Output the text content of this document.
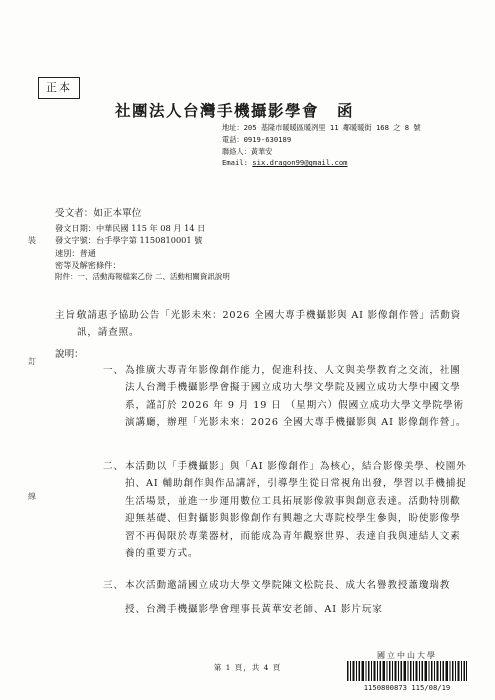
正本
社團法人台灣手機攝影學會 函
地址：205 基隆市暖暖區暖冽里 11 鄰暖暖街 168 之 8 號
電話：0919-630189
聯絡人：黃華安
Email: six.dragon99@gmail.com
受文者：如正本單位
發文日期：中華民國 115 年 08 月 14 日
發文字號：台手學字第 1150810001 號
速別：普通
密等及解密條件：
附件：一、活動海報檔案乙份 二、活動相關資訊說明
裝
訂
線
主旨：
敬請惠予協助公告「光影未來：2026 全國大專手機攝影與 AI 影像創作營」活動資訊，請查照。
說明：
一、 為推廣大專青年影像創作能力，促進科技、人文與美學教育之交流，社團法人台灣手機攝影學會擬于國立成功大學文學院及國立成功大學中國文學系，謹訂於 2026 年 9 月 19 日 （星期六）假國立成功大學文學院學術演講廳，辦理「光影未來：2026 全國大專手機攝影與 AI 影像創作營」。
二、 本活動以「手機攝影」與「AI 影像創作」為核心，結合影像美學、校園外拍、AI 輔助創作與作品講評，引導學生從日常視角出發，學習以手機捕捉生活場景，並進一步運用數位工具拓展影像敘事與創意表達。活動特別歡迎無基礎、但對攝影與影像創作有興趣之大專院校學生參與，盼使影像學習不再侷限於專業器材，而能成為青年觀察世界、表達自我與連結人文素養的重要方式。
三、 本次活動邀請國立成功大學文學院陳文松院長、成大名譽教授蕭瓊瑞教授、台灣手機攝影學會理事長黃華安老師、AI 影片玩家
第 1 頁，共 4 頁
國立中山大學
1150800873 115/08/19
